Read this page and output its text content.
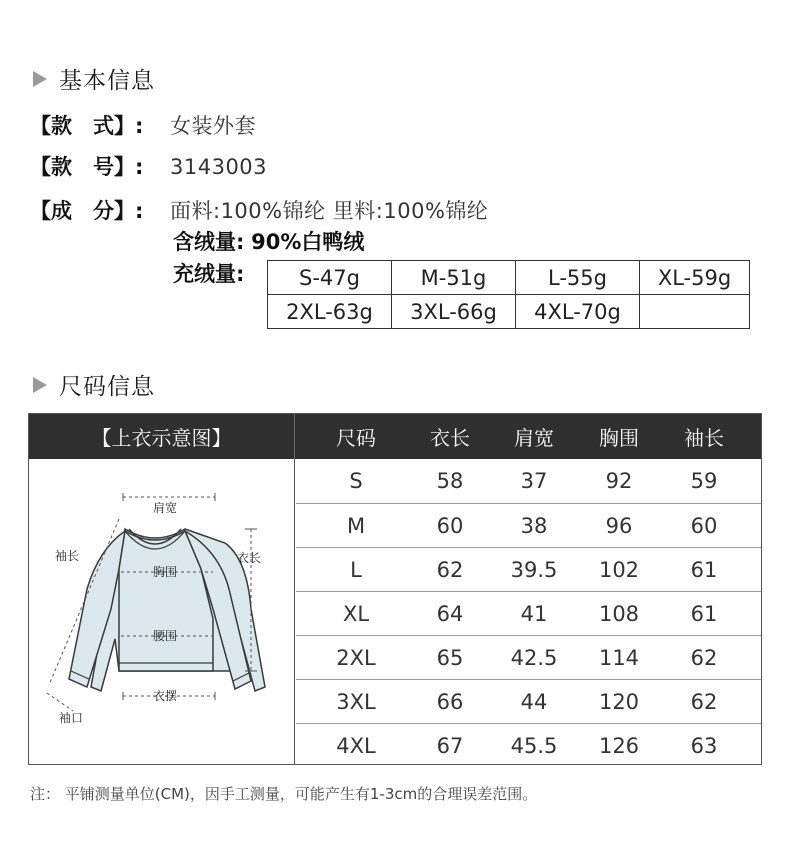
基本信息
【款　式】:	女装外套
【款　号】:	3143003
【成　分】:	面料:100%锦纶 里料:100%锦纶
含绒量: 90%白鸭绒
充绒量:	S-47g	M-51g	L-55g	XL-59g
2XL-63g	3XL-66g	4XL-70g	
尺码信息
【上衣示意图】	尺码	衣长	肩宽	胸围	袖长
肩宽
袖长	衣长
胸围
腰围
衣摆
袖口
S	58	37	92	59
M	60	38	96	60
L	62	39.5	102	61
XL	64	41	108	61
2XL	65	42.5	114	62
3XL	66	44	120	62
4XL	67	45.5	126	63
注： 平铺测量单位(CM)，因手工测量，可能产生有1-3cm的合理误差范围。
